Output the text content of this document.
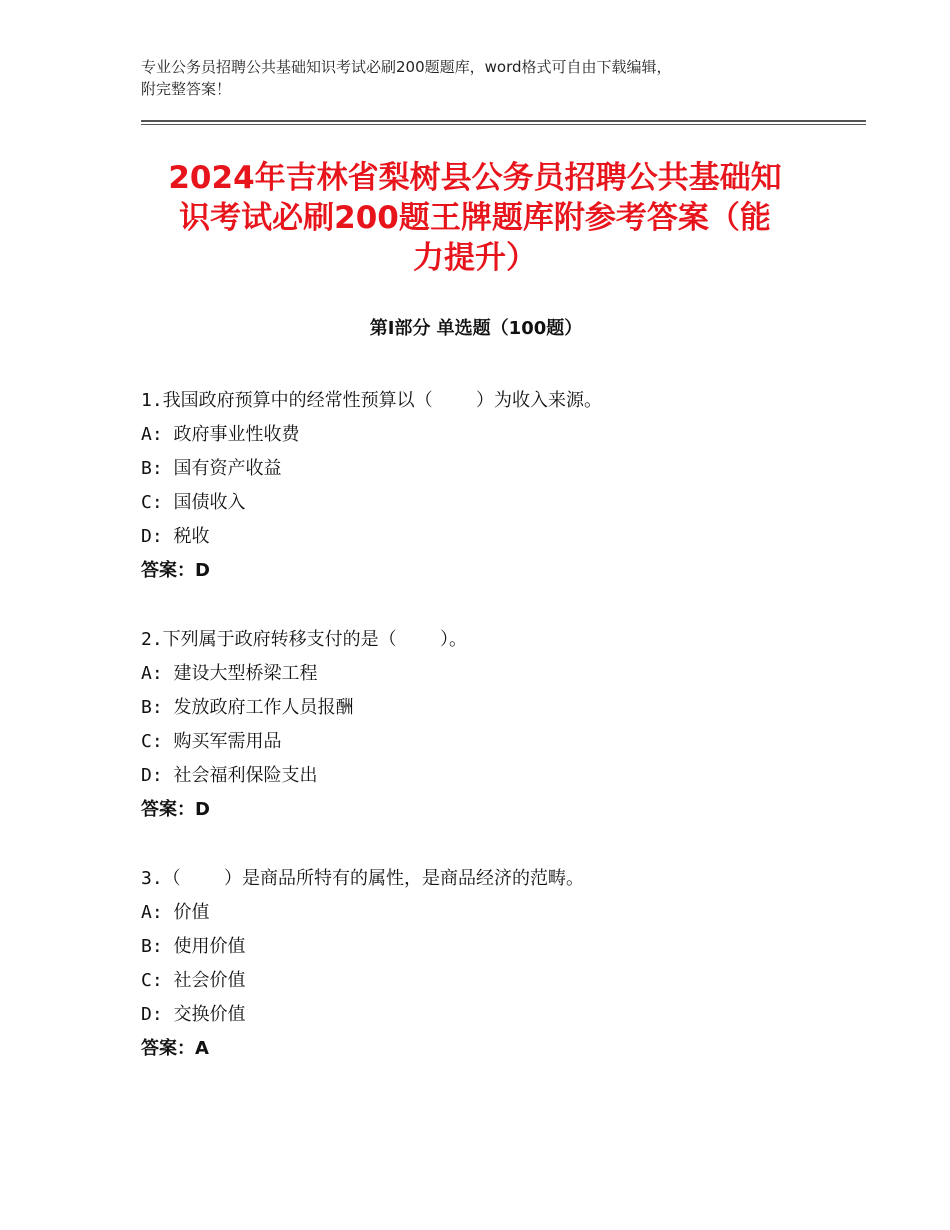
专业公务员招聘公共基础知识考试必刷200题题库，word格式可自由下载编辑，
附完整答案！
2024年吉林省梨树县公务员招聘公共基础知
识考试必刷200题王牌题库附参考答案（能
力提升）
第I部分 单选题（100题）
1.我国政府预算中的经常性预算以（    ）为收入来源。
A: 政府事业性收费
B: 国有资产收益
C: 国债收入
D: 税收
答案：D
2.下列属于政府转移支付的是（    ）。
A: 建设大型桥梁工程
B: 发放政府工作人员报酬
C: 购买军需用品
D: 社会福利保险支出
答案：D
3.（    ）是商品所特有的属性，是商品经济的范畴。
A: 价值
B: 使用价值
C: 社会价值
D: 交换价值
答案：A
